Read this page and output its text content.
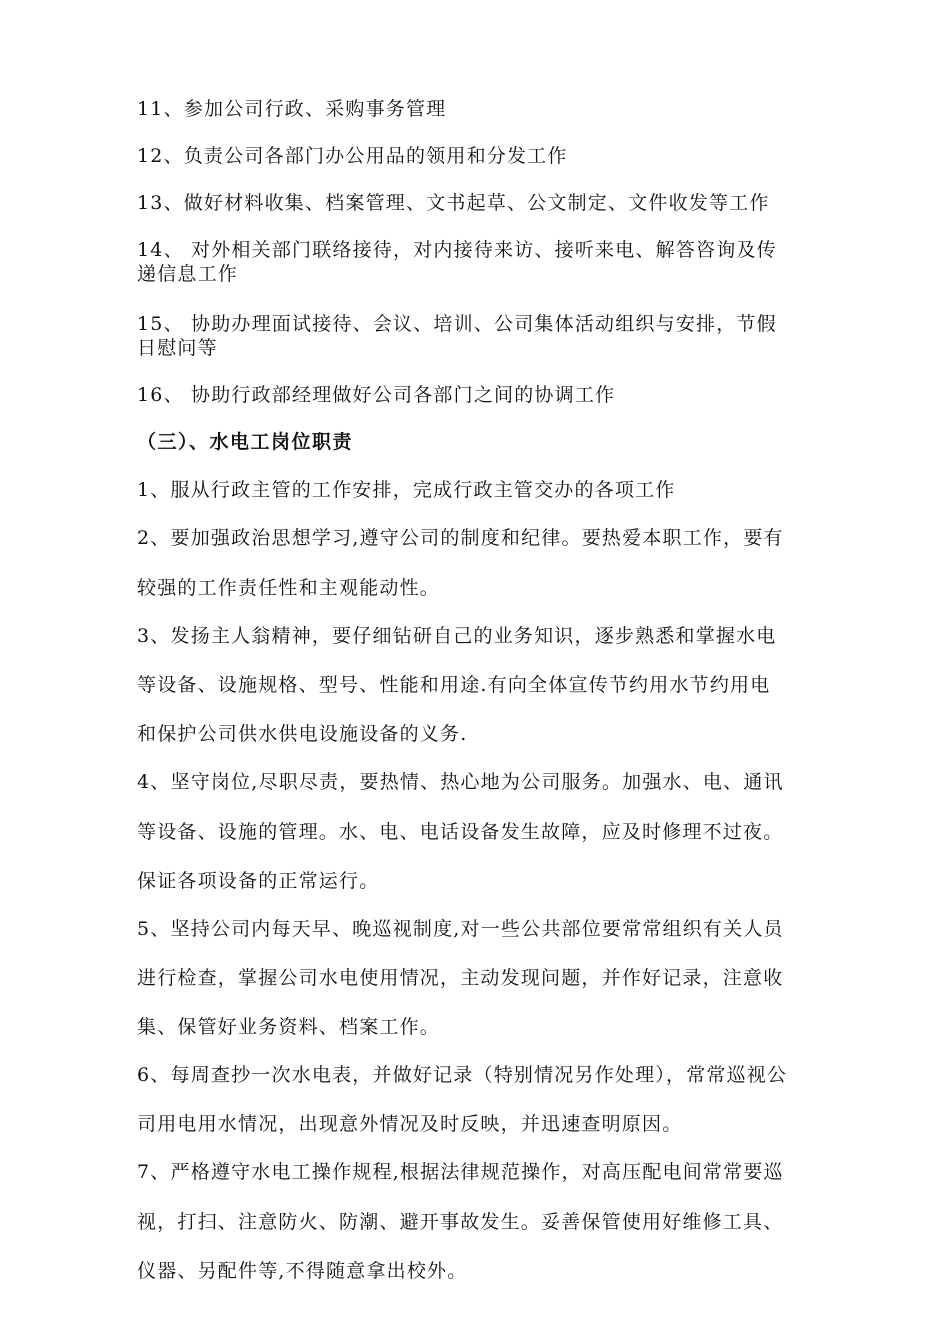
11、参加公司行政、采购事务管理
12、负责公司各部门办公用品的领用和分发工作
13、做好材料收集、档案管理、文书起草、公文制定、文件收发等工作
14、 对外相关部门联络接待，对内接待来访、接听来电、解答咨询及传
递信息工作
15、 协助办理面试接待、会议、培训、公司集体活动组织与安排，节假
日慰问等
16、 协助行政部经理做好公司各部门之间的协调工作
（三）、水电工岗位职责
1、服从行政主管的工作安排，完成行政主管交办的各项工作
2、要加强政治思想学习,遵守公司的制度和纪律。要热爱本职工作，要有
较强的工作责任性和主观能动性。
3、发扬主人翁精神，要仔细钻研自己的业务知识，逐步熟悉和掌握水电
等设备、设施规格、型号、性能和用途.有向全体宣传节约用水节约用电
和保护公司供水供电设施设备的义务.
4、坚守岗位,尽职尽责，要热情、热心地为公司服务。加强水、电、通讯
等设备、设施的管理。水、电、电话设备发生故障，应及时修理不过夜。
保证各项设备的正常运行。
5、坚持公司内每天早、晚巡视制度,对一些公共部位要常常组织有关人员
进行检查，掌握公司水电使用情况，主动发现问题，并作好记录，注意收
集、保管好业务资料、档案工作。
6、每周查抄一次水电表，并做好记录（特别情况另作处理），常常巡视公
司用电用水情况，出现意外情况及时反映，并迅速查明原因。
7、严格遵守水电工操作规程,根据法律规范操作，对高压配电间常常要巡
视，打扫、注意防火、防潮、避开事故发生。妥善保管使用好维修工具、
仪器、另配件等,不得随意拿出校外。
